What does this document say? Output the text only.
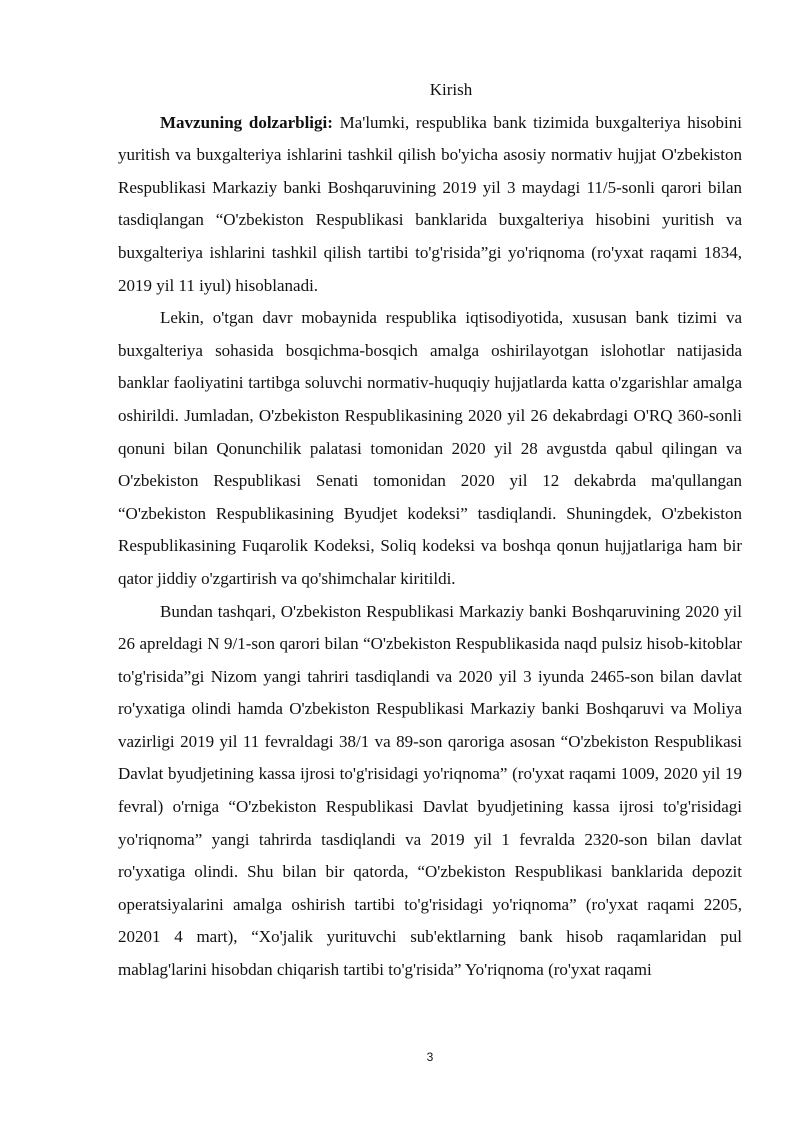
Kirish

Mavzuning dolzarbligi: Ma'lumki, respublika bank tizimida buxgalteriya hisobini yuritish va buxgalteriya ishlarini tashkil qilish bo'yicha asosiy normativ hujjat O'zbekiston Respublikasi Markaziy banki Boshqaruvining 2019 yil 3 maydagi 11/5-sonli qarori bilan tasdiqlangan “O'zbekiston Respublikasi banklarida buxgalteriya hisobini yuritish va buxgalteriya ishlarini tashkil qilish tartibi to'g'risida”gi yo'riqnoma (ro'yxat raqami 1834, 2019 yil 11 iyul) hisoblanadi.

Lekin, o'tgan davr mobaynida respublika iqtisodiyotida, xususan bank tizimi va buxgalteriya sohasida bosqichma-bosqich amalga oshirilayotgan islohotlar natijasida banklar faoliyatini tartibga soluvchi normativ-huquqiy hujjatlarda katta o'zgarishlar amalga oshirildi. Jumladan, O'zbekiston Respublikasining 2020 yil 26 dekabrdagi O'RQ 360-sonli qonuni bilan Qonunchilik palatasi tomonidan 2020 yil 28 avgustda qabul qilingan va O'zbekiston Respublikasi Senati tomonidan 2020 yil 12 dekabrda ma'qullangan “O'zbekiston Respublikasining Byudjet kodeksi” tasdiqlandi. Shuningdek, O'zbekiston Respublikasining Fuqarolik Kodeksi, Soliq kodeksi va boshqa qonun hujjatlariga ham bir qator jiddiy o'zgartirish va qo'shimchalar kiritildi.

Bundan tashqari, O'zbekiston Respublikasi Markaziy banki Boshqaruvining 2020 yil 26 apreldagi N 9/1-son qarori bilan “O'zbekiston Respublikasida naqd pulsiz hisob-kitoblar to'g'risida”gi Nizom yangi tahriri tasdiqlandi va 2020 yil 3 iyunda 2465-son bilan davlat ro'yxatiga olindi hamda O'zbekiston Respublikasi Markaziy banki Boshqaruvi va Moliya vazirligi 2019 yil 11 fevraldagi 38/1 va 89-son qaroriga asosan “O'zbekiston Respublikasi Davlat byudjetining kassa ijrosi to'g'risidagi yo'riqnoma” (ro'yxat raqami 1009, 2020 yil 19 fevral) o'rniga “O'zbekiston Respublikasi Davlat byudjetining kassa ijrosi to'g'risidagi yo'riqnoma” yangi tahrirda tasdiqlandi va 2019 yil 1 fevralda 2320-son bilan davlat ro'yxatiga olindi. Shu bilan bir qatorda, “O'zbekiston Respublikasi banklarida depozit operatsiyalarini amalga oshirish tartibi to'g'risidagi yo'riqnoma” (ro'yxat raqami 2205, 20201 4 mart), “Xo'jalik yurituvchi sub'ektlarning bank hisob raqamlaridan pul mablag'larini hisobdan chiqarish tartibi to'g'risida” Yo'riqnoma (ro'yxat raqami

3
